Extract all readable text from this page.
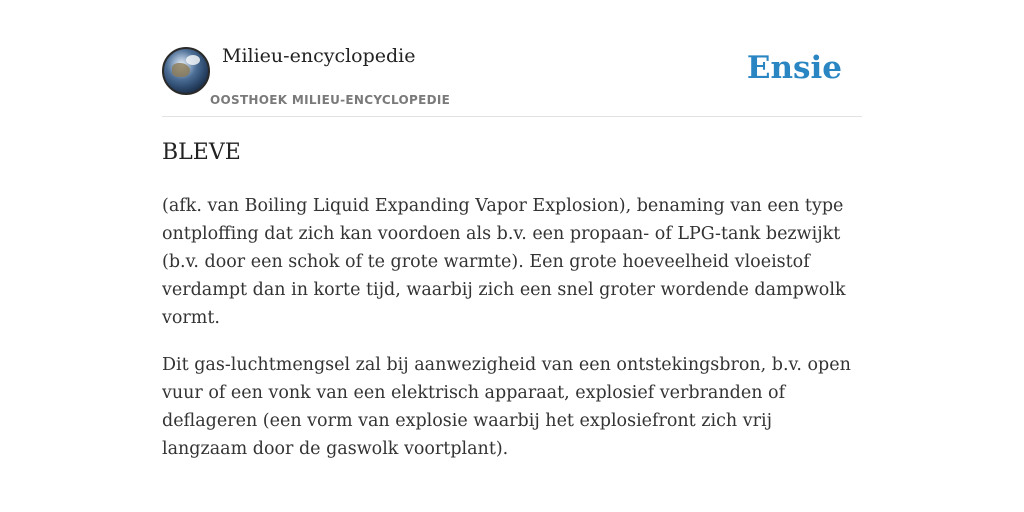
Milieu-encyclopedie
OOSTHOEK MILIEU-ENCYCLOPEDIE
Ensie
BLEVE

(afk. van Boiling Liquid Expanding Vapor Explosion), benaming van een type ontploffing dat zich kan voordoen als b.v. een propaan- of LPG-tank bezwijkt (b.v. door een schok of te grote warmte). Een grote hoeveelheid vloeistof verdampt dan in korte tijd, waarbij zich een snel groter wordende dampwolk vormt.

Dit gas-luchtmengsel zal bij aanwezigheid van een ontstekingsbron, b.v. open vuur of een vonk van een elektrisch apparaat, explosief verbranden of deflageren (een vorm van explosie waarbij het explosiefront zich vrij langzaam door de gaswolk voortplant).
